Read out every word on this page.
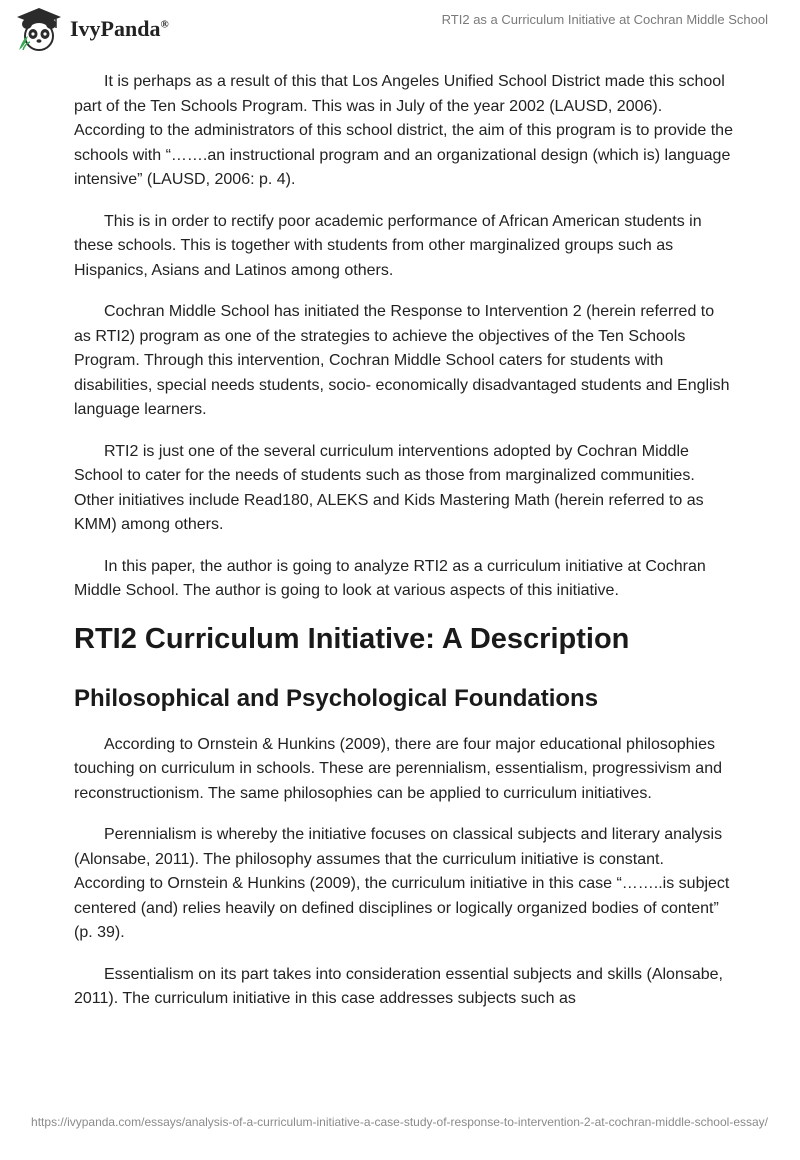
IvyPanda®	RTI2 as a Curriculum Initiative at Cochran Middle School

It is perhaps as a result of this that Los Angeles Unified School District made this school part of the Ten Schools Program. This was in July of the year 2002 (LAUSD, 2006). According to the administrators of this school district, the aim of this program is to provide the schools with “…….an instructional program and an organizational design (which is) language intensive” (LAUSD, 2006: p. 4).

This is in order to rectify poor academic performance of African American students in these schools. This is together with students from other marginalized groups such as Hispanics, Asians and Latinos among others.

Cochran Middle School has initiated the Response to Intervention 2 (herein referred to as RTI2) program as one of the strategies to achieve the objectives of the Ten Schools Program. Through this intervention, Cochran Middle School caters for students with disabilities, special needs students, socio- economically disadvantaged students and English language learners.

RTI2 is just one of the several curriculum interventions adopted by Cochran Middle School to cater for the needs of students such as those from marginalized communities. Other initiatives include Read180, ALEKS and Kids Mastering Math (herein referred to as KMM) among others.

In this paper, the author is going to analyze RTI2 as a curriculum initiative at Cochran Middle School. The author is going to look at various aspects of this initiative.

RTI2 Curriculum Initiative: A Description
Philosophical and Psychological Foundations

According to Ornstein & Hunkins (2009), there are four major educational philosophies touching on curriculum in schools. These are perennialism, essentialism, progressivism and reconstructionism. The same philosophies can be applied to curriculum initiatives.

Perennialism is whereby the initiative focuses on classical subjects and literary analysis (Alonsabe, 2011). The philosophy assumes that the curriculum initiative is constant. According to Ornstein & Hunkins (2009), the curriculum initiative in this case “……..is subject centered (and) relies heavily on defined disciplines or logically organized bodies of content” (p. 39).

Essentialism on its part takes into consideration essential subjects and skills (Alonsabe, 2011). The curriculum initiative in this case addresses subjects such as

https://ivypanda.com/essays/analysis-of-a-curriculum-initiative-a-case-study-of-response-to-intervention-2-at-cochran-middle-school-essay/
